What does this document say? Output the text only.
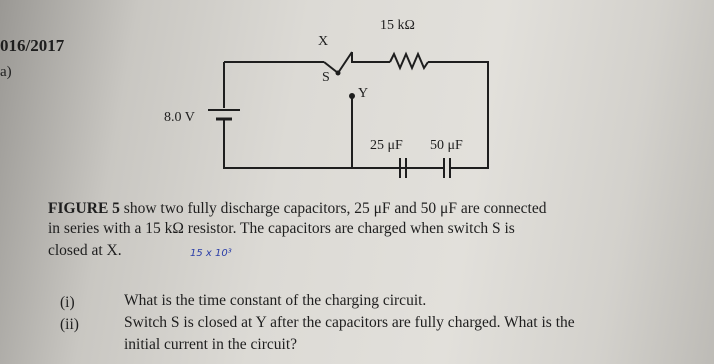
016/2017
a)
X
15 kΩ
S
Y
8.0 V
25 μF 50 μF
FIGURE 5 show two fully discharge capacitors, 25 μF and 50 μF are connected
in series with a 15 kΩ resistor. The capacitors are charged when switch S is
closed at X.	15 x 10³
(i)	What is the time constant of the charging circuit.
(ii)	Switch S is closed at Y after the capacitors are fully charged. What is the
initial current in the circuit?
